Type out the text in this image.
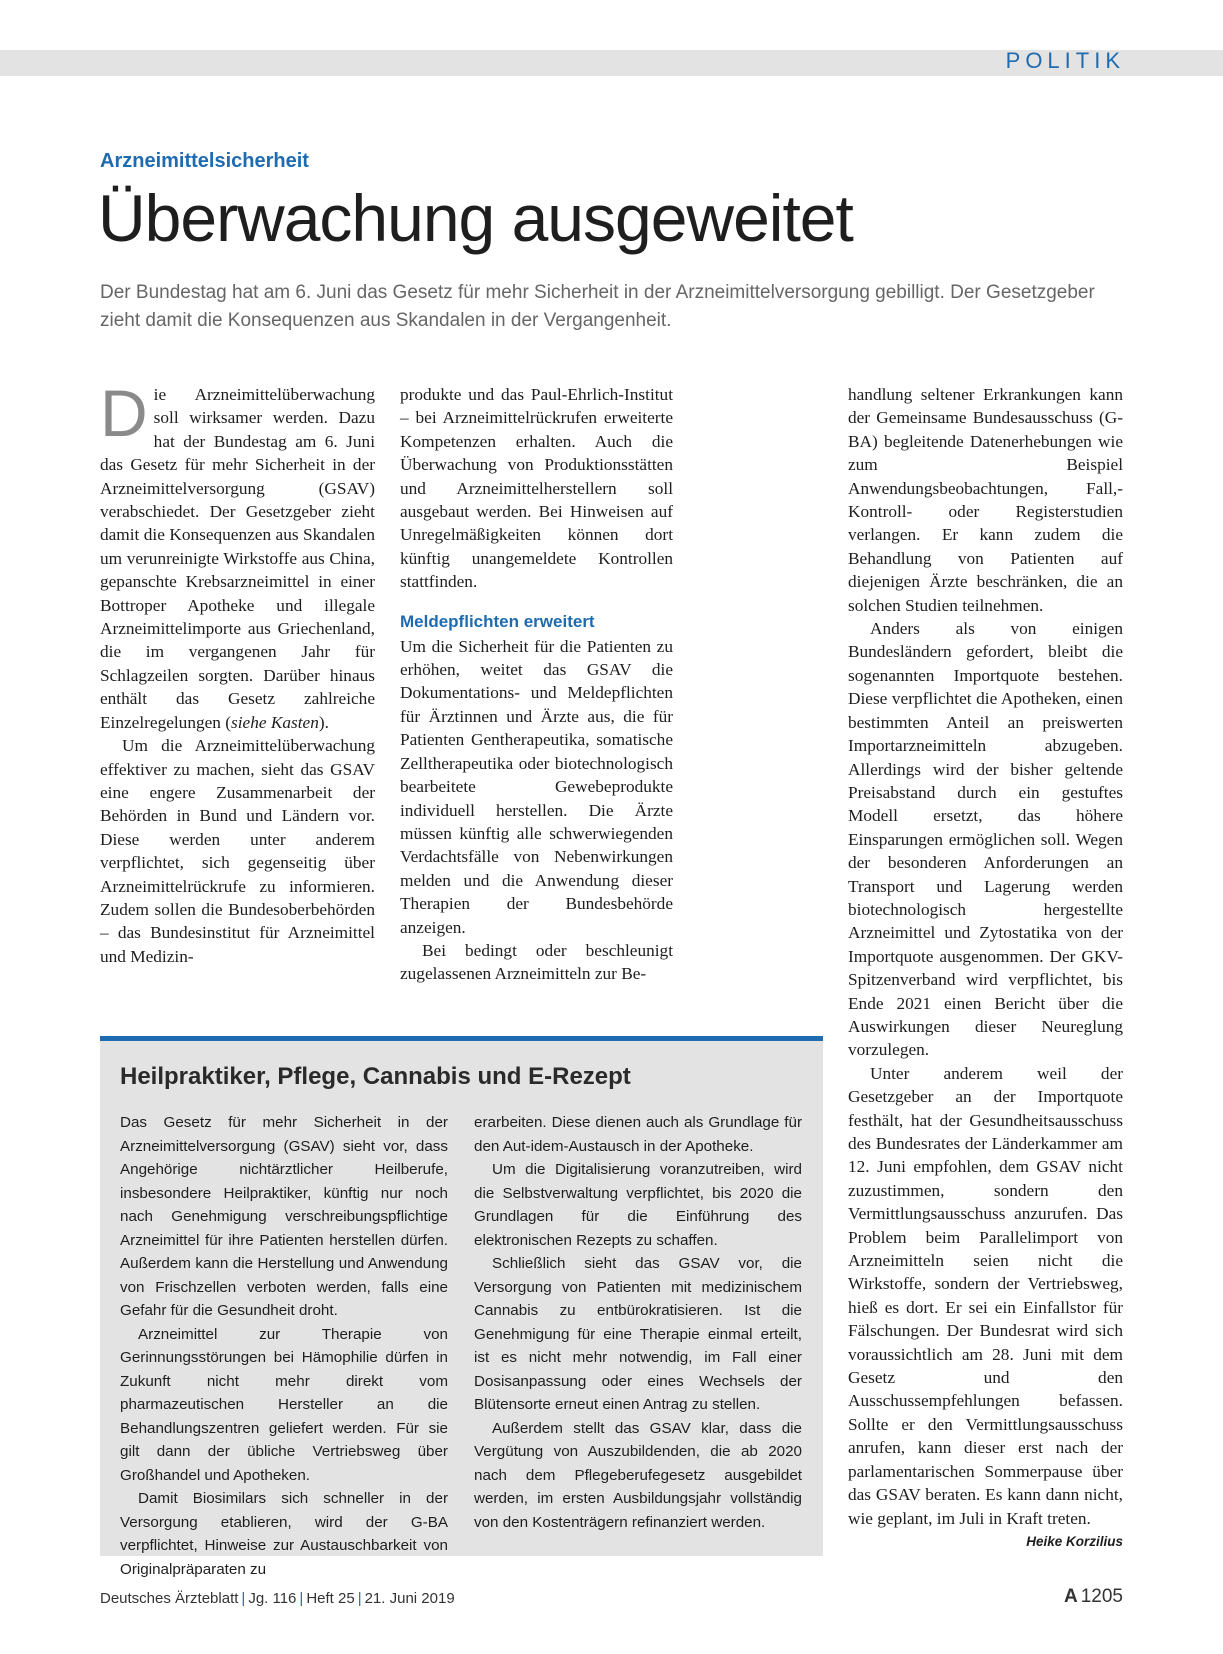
POLITIK
Arzneimittelsicherheit
Überwachung ausgeweitet

Der Bundestag hat am 6. Juni das Gesetz für mehr Sicherheit in der Arzneimittelversorgung gebilligt. Der Gesetzgeber zieht damit die Konsequenzen aus Skandalen in der Vergangenheit.

Die Arzneimittelüberwachung soll wirksamer werden. Dazu hat der Bundestag am 6. Juni das Gesetz für mehr Sicherheit in der Arzneimittelversorgung (GSAV) verabschiedet. Der Gesetzgeber zieht damit die Konsequenzen aus Skandalen um verunreinigte Wirkstoffe aus China, gepanschte Krebsarzneimittel in einer Bottroper Apotheke und illegale Arzneimittelimporte aus Griechenland, die im vergangenen Jahr für Schlagzeilen sorgten. Darüber hinaus enthält das Gesetz zahlreiche Einzelregelungen (siehe Kasten).

Um die Arzneimittelüberwachung effektiver zu machen, sieht das GSAV eine engere Zusammenarbeit der Behörden in Bund und Ländern vor. Diese werden unter anderem verpflichtet, sich gegenseitig über Arzneimittelrückrufe zu informieren. Zudem sollen die Bundesoberbehörden – das Bundesinstitut für Arzneimittel und Medizin-

produkte und das Paul-Ehrlich-Institut – bei Arzneimittelrückrufen erweiterte Kompetenzen erhalten. Auch die Überwachung von Produktionsstätten und Arzneimittelherstellern soll ausgebaut werden. Bei Hinweisen auf Unregelmäßigkeiten können dort künftig unangemeldete Kontrollen stattfinden.

Meldepflichten erweitert

Um die Sicherheit für die Patienten zu erhöhen, weitet das GSAV die Dokumentations- und Meldepflichten für Ärztinnen und Ärzte aus, die für Patienten Gentherapeutika, somatische Zelltherapeutika oder biotechnologisch bearbeitete Gewebeprodukte individuell herstellen. Die Ärzte müssen künftig alle schwerwiegenden Verdachtsfälle von Nebenwirkungen melden und die Anwendung dieser Therapien der Bundesbehörde anzeigen.

Bei bedingt oder beschleunigt zugelassenen Arzneimitteln zur Be-

handlung seltener Erkrankungen kann der Gemeinsame Bundesausschuss (G-BA) begleitende Datenerhebungen wie zum Beispiel Anwendungsbeobachtungen, Fall,- Kontroll- oder Registerstudien verlangen. Er kann zudem die Behandlung von Patienten auf diejenigen Ärzte beschränken, die an solchen Studien teilnehmen.

Anders als von einigen Bundesländern gefordert, bleibt die sogenannten Importquote bestehen. Diese verpflichtet die Apotheken, einen bestimmten Anteil an preiswerten Importarzneimitteln abzugeben. Allerdings wird der bisher geltende Preisabstand durch ein gestuftes Modell ersetzt, das höhere Einsparungen ermöglichen soll. Wegen der besonderen Anforderungen an Transport und Lagerung werden biotechnologisch hergestellte Arzneimittel und Zytostatika von der Importquote ausgenommen. Der GKV-Spitzenverband wird verpflichtet, bis Ende 2021 einen Bericht über die Auswirkungen dieser Neureglung vorzulegen.

Unter anderem weil der Gesetzgeber an der Importquote festhält, hat der Gesundheitsausschuss des Bundesrates der Länderkammer am 12. Juni empfohlen, dem GSAV nicht zuzustimmen, sondern den Vermittlungsausschuss anzurufen. Das Problem beim Parallelimport von Arzneimitteln seien nicht die Wirkstoffe, sondern der Vertriebsweg, hieß es dort. Er sei ein Einfallstor für Fälschungen. Der Bundesrat wird sich voraussichtlich am 28. Juni mit dem Gesetz und den Ausschussempfehlungen befassen. Sollte er den Vermittlungsausschuss anrufen, kann dieser erst nach der parlamentarischen Sommerpause über das GSAV beraten. Es kann dann nicht, wie geplant, im Juli in Kraft treten.
Heike Korzilius

Heilpraktiker, Pflege, Cannabis und E-Rezept

Das Gesetz für mehr Sicherheit in der Arzneimittelversorgung (GSAV) sieht vor, dass Angehörige nichtärztlicher Heilberufe, insbesondere Heilpraktiker, künftig nur noch nach Genehmigung verschreibungspflichtige Arzneimittel für ihre Patienten herstellen dürfen. Außerdem kann die Herstellung und Anwendung von Frischzellen verboten werden, falls eine Gefahr für die Gesundheit droht.

Arzneimittel zur Therapie von Gerinnungsstörungen bei Hämophilie dürfen in Zukunft nicht mehr direkt vom pharmazeutischen Hersteller an die Behandlungszentren geliefert werden. Für sie gilt dann der übliche Vertriebsweg über Großhandel und Apotheken.

Damit Biosimilars sich schneller in der Versorgung etablieren, wird der G-BA verpflichtet, Hinweise zur Austauschbarkeit von Originalpräparaten zu

erarbeiten. Diese dienen auch als Grundlage für den Aut-idem-Austausch in der Apotheke.

Um die Digitalisierung voranzutreiben, wird die Selbstverwaltung verpflichtet, bis 2020 die Grundlagen für die Einführung des elektronischen Rezepts zu schaffen.

Schließlich sieht das GSAV vor, die Versorgung von Patienten mit medizinischem Cannabis zu entbürokratisieren. Ist die Genehmigung für eine Therapie einmal erteilt, ist es nicht mehr notwendig, im Fall einer Dosisanpassung oder eines Wechsels der Blütensorte erneut einen Antrag zu stellen.

Außerdem stellt das GSAV klar, dass die Vergütung von Auszubildenden, die ab 2020 nach dem Pflegeberufegesetz ausgebildet werden, im ersten Ausbildungsjahr vollständig von den Kostenträgern refinanziert werden.

Deutsches Ärzteblatt | Jg. 116 | Heft 25 | 21. Juni 2019	A 1205
